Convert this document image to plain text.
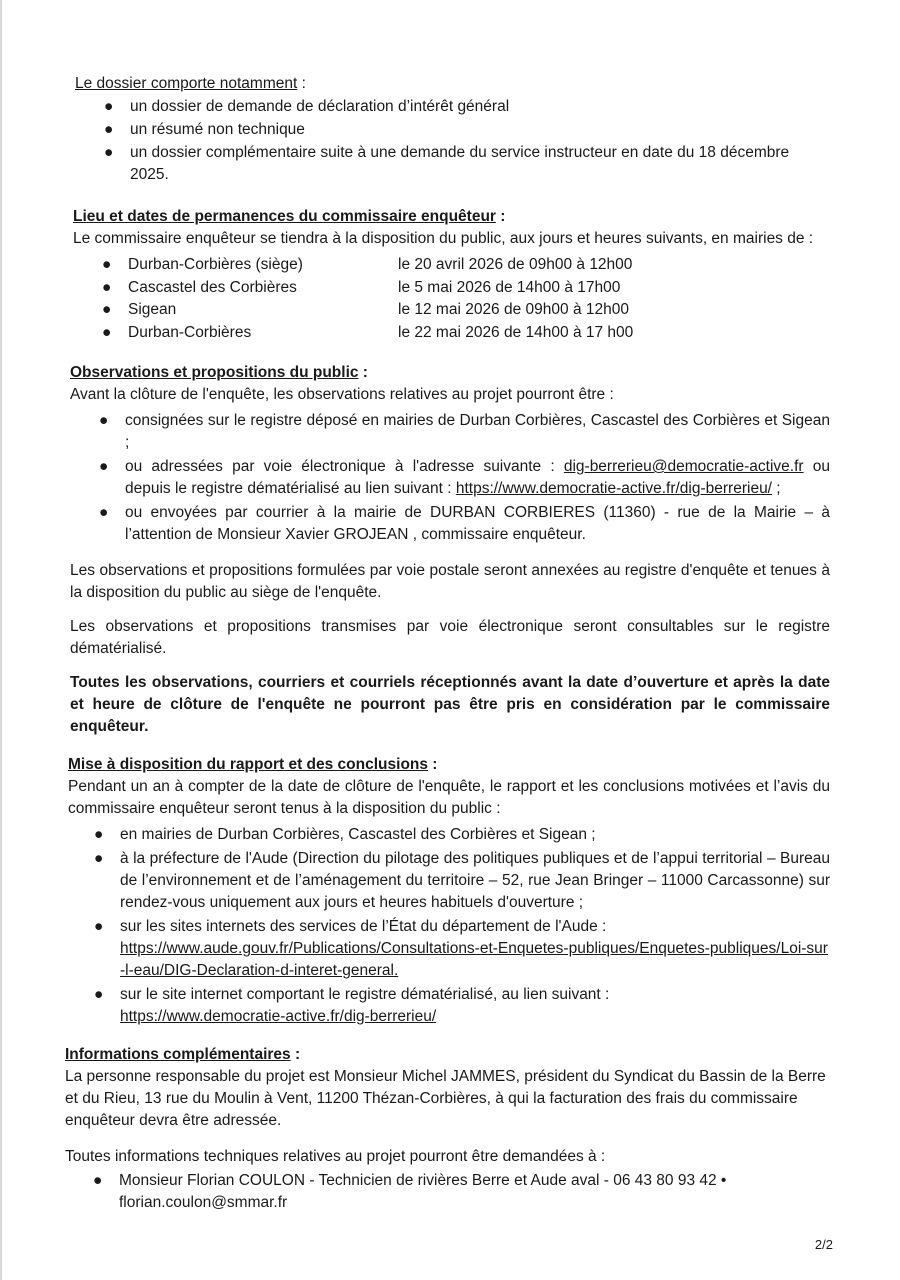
Le dossier comporte notamment :
● un dossier de demande de déclaration d’intérêt général
● un résumé non technique
● un dossier complémentaire suite à une demande du service instructeur en date du 18 décembre 2025.
Lieu et dates de permanences du commissaire enquêteur :
Le commissaire enquêteur se tiendra à la disposition du public, aux jours et heures suivants, en mairies de :
● Durban-Corbières (siège)	le 20 avril 2026 de 09h00 à 12h00
● Cascastel des Corbières	le 5 mai 2026 de 14h00 à 17h00
● Sigean	le 12 mai 2026 de 09h00 à 12h00
● Durban-Corbières	le 22 mai 2026 de 14h00 à 17 h00
Observations et propositions du public :
Avant la clôture de l'enquête, les observations relatives au projet pourront être :
● consignées sur le registre déposé en mairies de Durban Corbières, Cascastel des Corbières et Sigean ;
● ou adressées par voie électronique à l'adresse suivante : dig-berrerieu@democratie-active.fr ou depuis le registre dématérialisé au lien suivant : https://www.democratie-active.fr/dig-berrerieu/ ;
● ou envoyées par courrier à la mairie de DURBAN CORBIERES (11360) - rue de la Mairie – à l’attention de Monsieur Xavier GROJEAN , commissaire enquêteur.

Les observations et propositions formulées par voie postale seront annexées au registre d'enquête et tenues à la disposition du public au siège de l'enquête.

Les observations et propositions transmises par voie électronique seront consultables sur le registre dématérialisé.

Toutes les observations, courriers et courriels réceptionnés avant la date d’ouverture et après la date et heure de clôture de l'enquête ne pourront pas être pris en considération par le commissaire enquêteur.

Mise à disposition du rapport et des conclusions :
Pendant un an à compter de la date de clôture de l'enquête, le rapport et les conclusions motivées et l’avis du commissaire enquêteur seront tenus à la disposition du public :
● en mairies de Durban Corbières, Cascastel des Corbières et Sigean ;
● à la préfecture de l'Aude (Direction du pilotage des politiques publiques et de l’appui territorial – Bureau de l’environnement et de l’aménagement du territoire – 52, rue Jean Bringer – 11000 Carcassonne) sur rendez-vous uniquement aux jours et heures habituels d'ouverture ;
● sur les sites internets des services de l’État du département de l'Aude :
https://www.aude.gouv.fr/Publications/Consultations-et-Enquetes-publiques/Enquetes-publiques/Loi-sur-l-eau/DIG-Declaration-d-interet-general.
● sur le site internet comportant le registre dématérialisé, au lien suivant :
https://www.democratie-active.fr/dig-berrerieu/
Informations complémentaires :
La personne responsable du projet est Monsieur Michel JAMMES, président du Syndicat du Bassin de la Berre et du Rieu, 13 rue du Moulin à Vent, 11200 Thézan-Corbières, à qui la facturation des frais du commissaire enquêteur devra être adressée.

Toutes informations techniques relatives au projet pourront être demandées à :

● Monsieur Florian COULON - Technicien de rivières Berre et Aude aval - 06 43 80 93 42 • florian.coulon@smmar.fr
2/2
